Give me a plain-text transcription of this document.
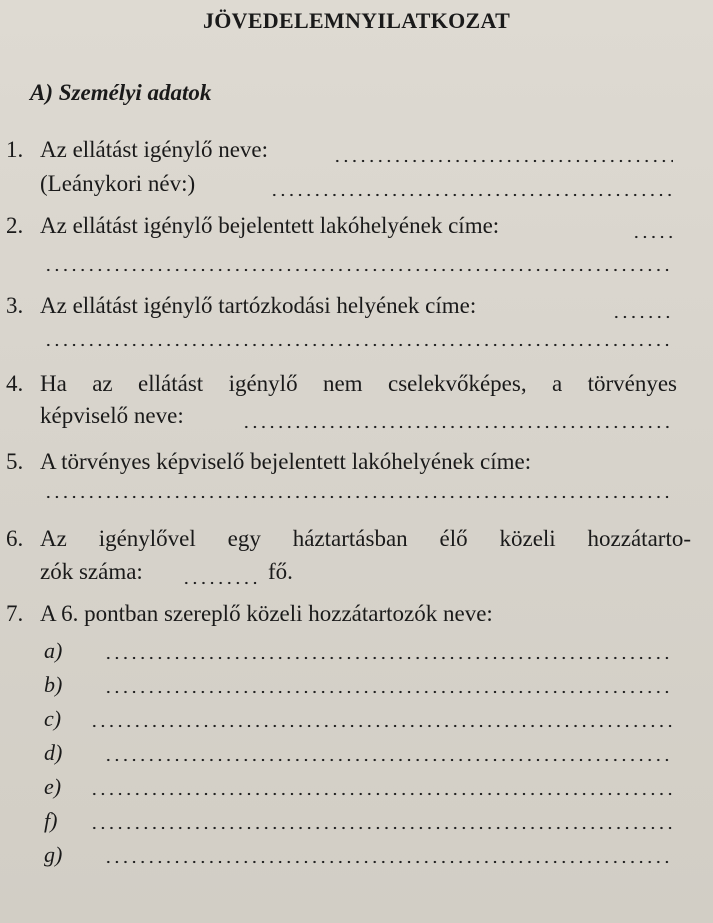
JÖVEDELEMNYILATKOZAT
A) Személyi adatok
1. Az ellátást igénylő neve:
(Leánykori név:)
2. Az ellátást igénylő bejelentett lakóhelyének címe:
3. Az ellátást igénylő tartózkodási helyének címe:
4. Ha az ellátást igénylő nem cselekvőképes, a törvényes
képviselő neve:
5. A törvényes képviselő bejelentett lakóhelyének címe:
6. Az igénylővel egy háztartásban élő közeli hozzátarto-
zók száma:	fő.
7. A 6. pontban szereplő közeli hozzátartozók neve:
a)
b)
c)
d)
e)
f)
g)
